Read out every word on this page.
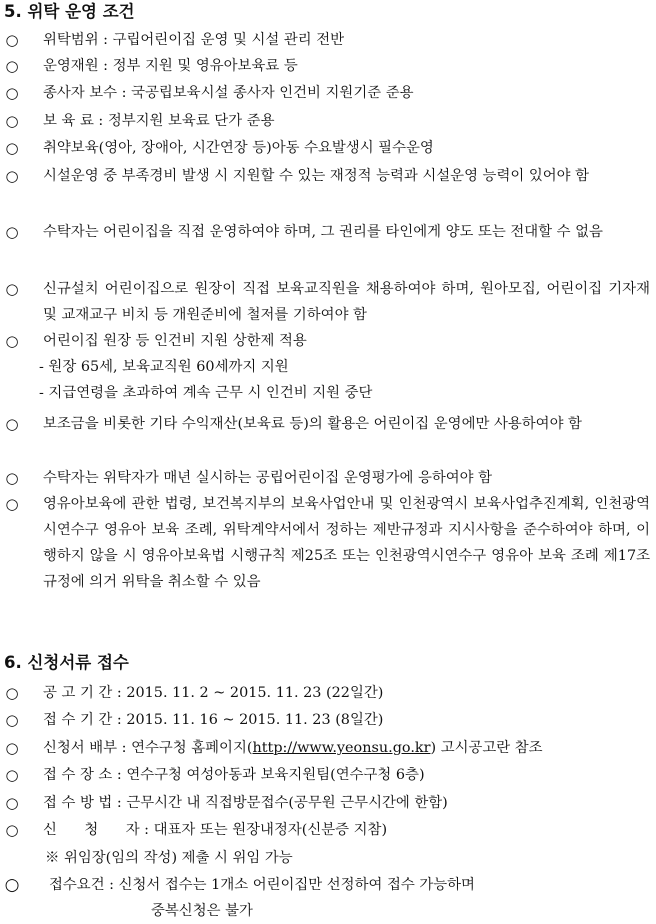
5. 위탁 운영 조건
○ 위탁범위 : 구립어린이집 운영 및 시설 관리 전반
○ 운영재원 : 정부 지원 및 영유아보육료 등
○ 종사자 보수 : 국공립보육시설 종사자 인건비 지원기준 준용
○ 보 육 료 : 정부지원 보육료 단가 준용
○ 취약보육(영아, 장애아, 시간연장 등)아동 수요발생시 필수운영
○ 시설운영 중 부족경비 발생 시 지원할 수 있는 재정적 능력과 시설운영 능력이 있어야 함
○ 수탁자는 어린이집을 직접 운영하여야 하며, 그 권리를 타인에게 양도 또는 전대할 수 없음
○ 신규설치 어린이집으로 원장이 직접 보육교직원을 채용하여야 하며, 원아모집, 어린이집 기자재 및 교재교구 비치 등 개원준비에 철저를 기하여야 함
○ 어린이집 원장 등 인건비 지원 상한제 적용
- 원장 65세, 보육교직원 60세까지 지원
- 지급연령을 초과하여 계속 근무 시 인건비 지원 중단
○ 보조금을 비롯한 기타 수익재산(보육료 등)의 활용은 어린이집 운영에만 사용하여야 함
○ 수탁자는 위탁자가 매년 실시하는 공립어린이집 운영평가에 응하여야 함
○ 영유아보육에 관한 법령, 보건복지부의 보육사업안내 및 인천광역시 보육사업추진계획, 인천광역시연수구 영유아 보육 조례, 위탁계약서에서 정하는 제반규정과 지시사항을 준수하여야 하며, 이행하지 않을 시 영유아보육법 시행규칙 제25조 또는 인천광역시연수구 영유아 보육 조례 제17조 규정에 의거 위탁을 취소할 수 있음
6. 신청서류 접수
○ 공 고 기 간 : 2015. 11. 2 ~ 2015. 11. 23 (22일간)
○ 접 수 기 간 : 2015. 11. 16 ~ 2015. 11. 23 (8일간)
○ 신청서 배부 : 연수구청 홈페이지(http://www.yeonsu.go.kr) 고시공고란 참조
○ 접 수 장 소 : 연수구청 여성아동과 보육지원팀(연수구청 6층)
○ 접 수 방 법 : 근무시간 내 직접방문접수(공무원 근무시간에 한함)
○ 신      청      자 : 대표자 또는 원장내정자(신분증 지참)
※ 위임장(임의 작성) 제출 시 위임 가능
○ 접수요건 : 신청서 접수는 1개소 어린이집만 선정하여 접수 가능하며
중복신청은 불가
